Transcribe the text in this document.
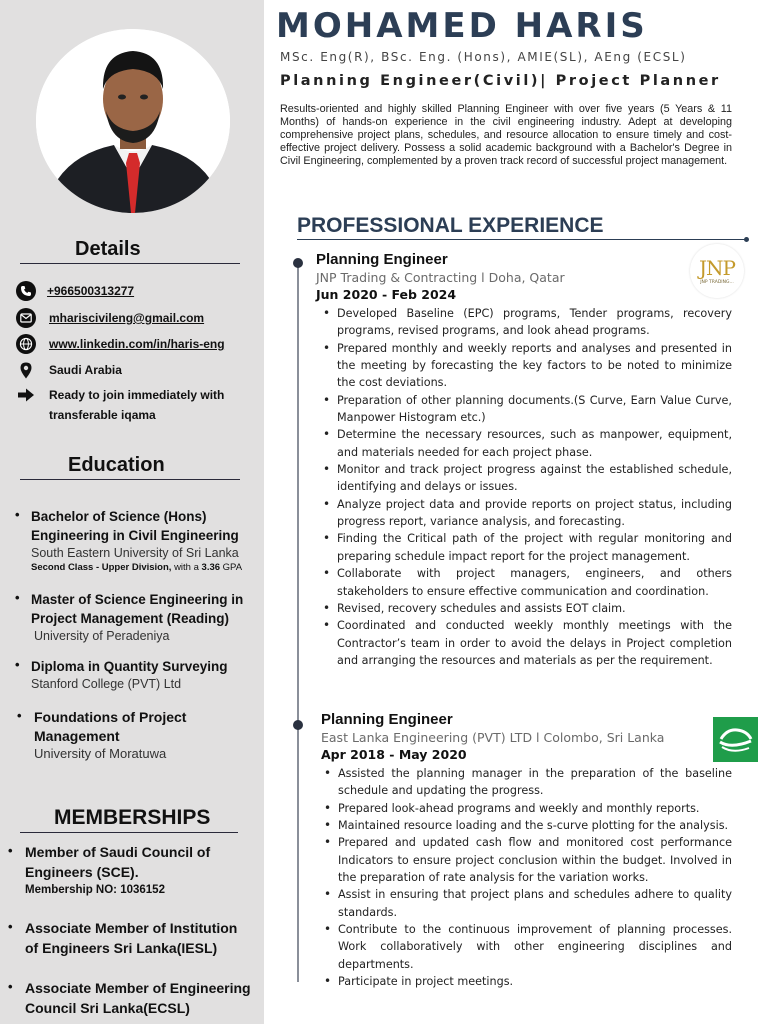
Details
+966500313277
mhariscivileng@gmail.com
www.linkedin.com/in/haris-eng
Saudi Arabia
Ready to join immediately with
transferable iqama
Education
• Bachelor of Science (Hons)
Engineering in Civil Engineering
South Eastern University of Sri Lanka
Second Class - Upper Division, with a 3.36 GPA
• Master of Science Engineering in
Project Management (Reading)
University of Peradeniya
• Diploma in Quantity Surveying
Stanford College (PVT) Ltd
• Foundations of Project
Management
University of Moratuwa
MEMBERSHIPS
• Member of Saudi Council of
Engineers (SCE).
Membership NO: 1036152
• Associate Member of Institution
of Engineers Sri Lanka(IESL)
• Associate Member of Engineering
Council Sri Lanka(ECSL)
MOHAMED HARIS
MSc. Eng(R), BSc. Eng. (Hons), AMIE(SL), AEng (ECSL)
Planning Engineer(Civil)| Project Planner
Results-oriented and highly skilled Planning Engineer with over five years (5 Years & 11 Months) of hands-on experience in the civil engineering industry. Adept at developing comprehensive project plans, schedules, and resource allocation to ensure timely and cost-effective project delivery. Possess a solid academic background with a Bachelor's Degree in Civil Engineering, complemented by a proven track record of successful project management.
PROFESSIONAL EXPERIENCE
JNP
JNP TRADING...
Planning Engineer
JNP Trading & Contracting l Doha, Qatar
Jun 2020 - Feb 2024
• Developed Baseline (EPC) programs, Tender programs, recovery programs, revised programs, and look ahead programs.
• Prepared monthly and weekly reports and analyses and presented in the meeting by forecasting the key factors to be noted to minimize the cost deviations.
• Preparation of other planning documents.(S Curve, Earn Value Curve, Manpower Histogram etc.)
• Determine the necessary resources, such as manpower, equipment, and materials needed for each project phase.
• Monitor and track project progress against the established schedule, identifying and delays or issues.
• Analyze project data and provide reports on project status, including progress report, variance analysis, and forecasting.
• Finding the Critical path of the project with regular monitoring and preparing schedule impact report for the project management.
• Collaborate with project managers, engineers, and others stakeholders to ensure effective communication and coordination.
• Revised, recovery schedules and assists EOT claim.
• Coordinated and conducted weekly monthly meetings with the Contractor’s team in order to avoid the delays in Project completion and arranging the resources and materials as per the requirement.
Planning Engineer
East Lanka Engineering (PVT) LTD l Colombo, Sri Lanka
Apr 2018 - May 2020
• Assisted the planning manager in the preparation of the baseline schedule and updating the progress.
• Prepared look-ahead programs and weekly and monthly reports.
• Maintained resource loading and the s-curve plotting for the analysis.
• Prepared and updated cash flow and monitored cost performance Indicators to ensure project conclusion within the budget. Involved in the preparation of rate analysis for the variation works.
• Assist in ensuring that project plans and schedules adhere to quality standards.
• Contribute to the continuous improvement of planning processes. Work collaboratively with other engineering disciplines and departments.
• Participate in project meetings.
